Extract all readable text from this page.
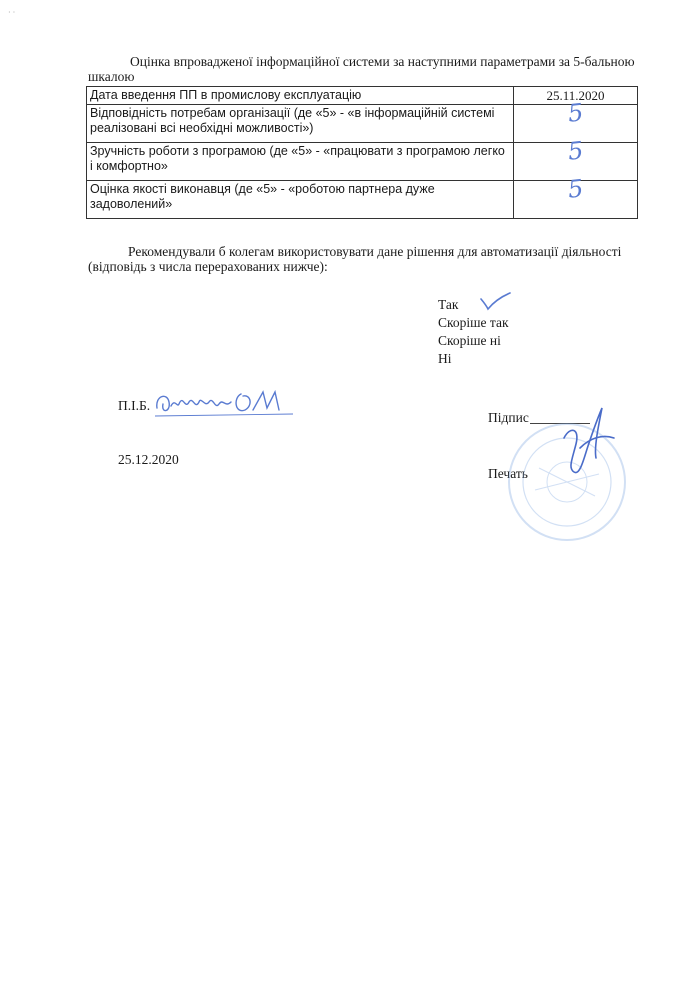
· ·

Оцінка впровадженої інформаційної системи за наступними параметрами за 5-бальною шкалою

Дата введення ПП в промислову експлуатацію	25.11.2020
Відповідність потребам організації (де «5» - «в інформаційній системі реалізовані всі необхідні можливості»)	5
Зручність роботи з програмою (де «5» - «працювати з програмою легко і комфортно»	5
Оцінка якості виконавця (де «5» - «роботою партнера дуже задоволений»	5

Рекомендували б колегам використовувати дане рішення для автоматизації діяльності (відповідь з числа перерахованих нижче):

Так
Скоріше так
Скоріше ні
Ні
П.І.Б.
25.12.2020
Підпис
Печать
